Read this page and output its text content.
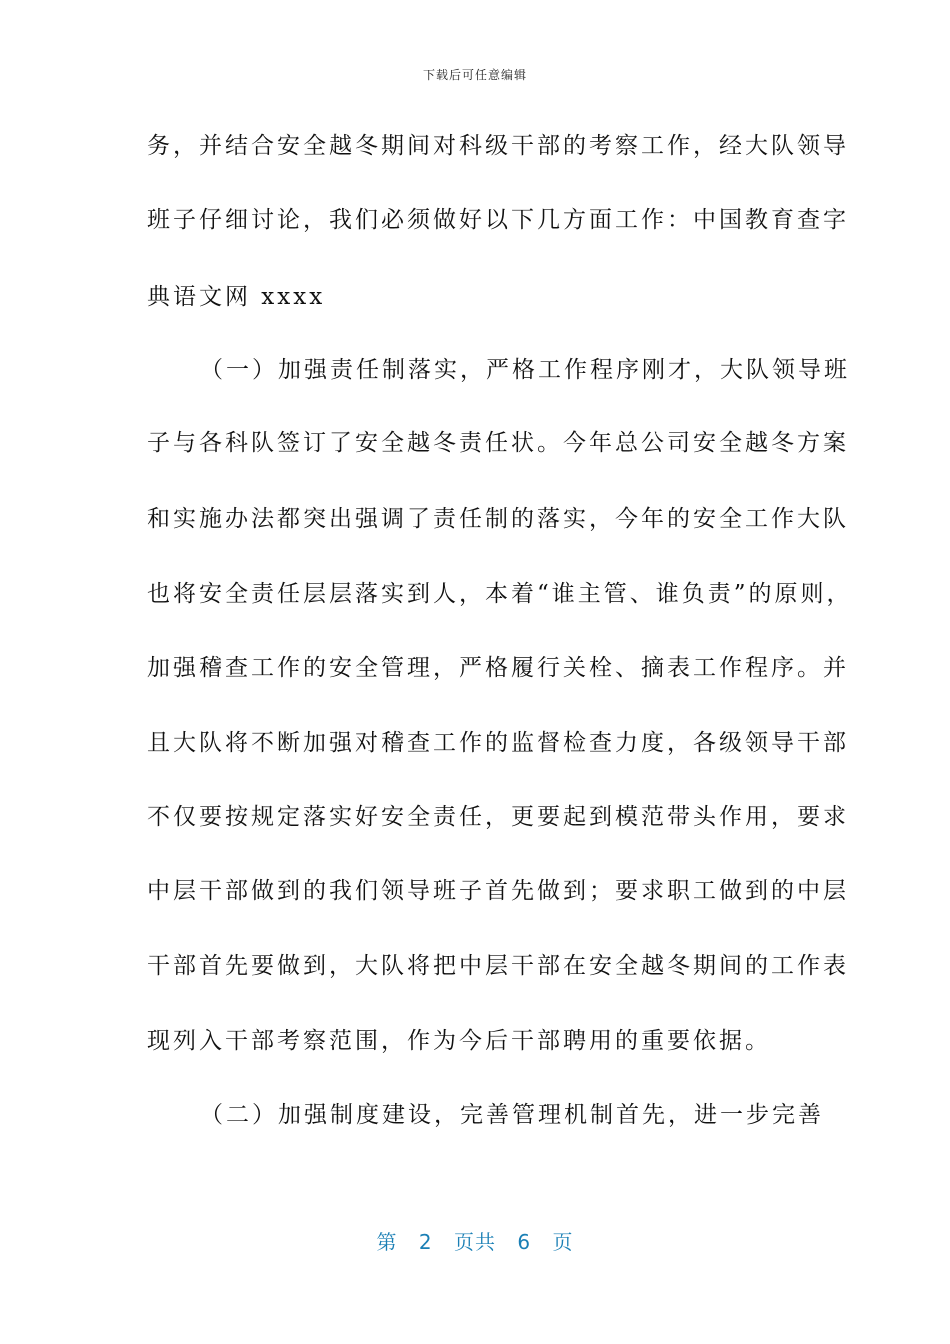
下载后可任意编辑
务，并结合安全越冬期间对科级干部的考察工作，经大队领导
班子仔细讨论，我们必须做好以下几方面工作：中国教育查字
典语文网 xxxx
（一）加强责任制落实，严格工作程序刚才，大队领导班
子与各科队签订了安全越冬责任状。今年总公司安全越冬方案
和实施办法都突出强调了责任制的落实，今年的安全工作大队
也将安全责任层层落实到人，本着“谁主管、谁负责”的原则，
加强稽查工作的安全管理，严格履行关栓、摘表工作程序。并
且大队将不断加强对稽查工作的监督检查力度，各级领导干部
不仅要按规定落实好安全责任，更要起到模范带头作用，要求
中层干部做到的我们领导班子首先做到；要求职工做到的中层
干部首先要做到，大队将把中层干部在安全越冬期间的工作表
现列入干部考察范围，作为今后干部聘用的重要依据。
（二）加强制度建设，完善管理机制首先，进一步完善
第 2 页共 6 页
